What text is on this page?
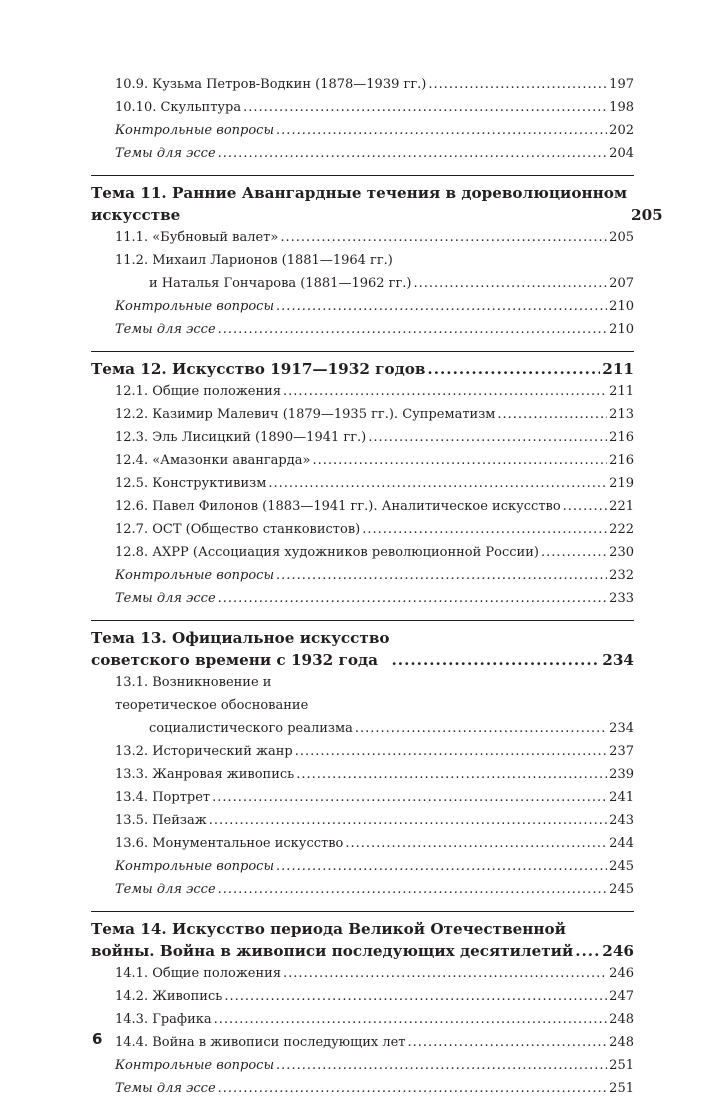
10.9. Кузьма Петров-Водкин (1878—1939 гг.) .....	197
10.10. Скульптура .....	198
Контрольные вопросы .....	202
Темы для эссе .....	204
Тема 11. Ранние Авангардные течения в дореволюционном
искусстве	205
11.1. «Бубновый валет» .....	205
11.2. Михаил Ларионов (1881—1964 гг.)
и Наталья Гончарова (1881—1962 гг.) .....	207
Контрольные вопросы .....	210
Темы для эссе .....	210
Тема 12. Искусство 1917—1932 годов .....	211
12.1. Общие положения .....	211
12.2. Казимир Малевич (1879—1935 гг.). Супрематизм .....	213
12.3. Эль Лисицкий (1890—1941 гг.) .....	216
12.4. «Амазонки авангарда» .....	216
12.5. Конструктивизм .....	219
12.6. Павел Филонов (1883—1941 гг.). Аналитическое искусство .....	221
12.7. ОСТ (Общество станковистов) .....	222
12.8. АХРР (Ассоциация художников революционной России) .....	230
Контрольные вопросы .....	232
Темы для эссе .....	233
Тема 13. Официальное искусство
советского времени с 1932 года .....	234
13.1. Возникновение и теоретическое обоснование
социалистического реализма .....	234
13.2. Исторический жанр .....	237
13.3. Жанровая живопись .....	239
13.4. Портрет .....	241
13.5. Пейзаж .....	243
13.6. Монументальное искусство .....	244
Контрольные вопросы .....	245
Темы для эссе .....	245
Тема 14. Искусство периода Великой Отечественной
войны. Война в живописи последующих десятилетий ..... 246
14.1. Общие положения .....	246
14.2. Живопись .....	247
14.3. Графика .....	248
14.4. Война в живописи последующих лет .....	248
Контрольные вопросы .....	251
Темы для эссе .....	251
6
